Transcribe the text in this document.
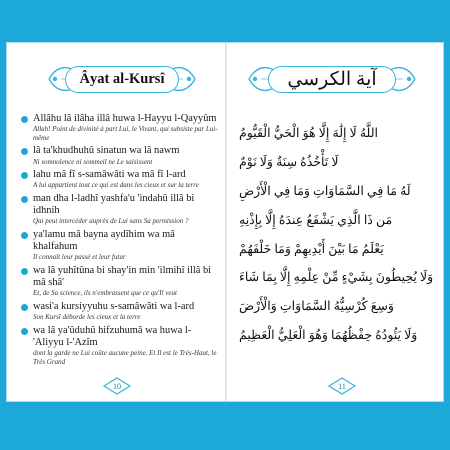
Âyat al-Kursî
Allâhu lâ ilâha illâ huwa l-Hayyu l-Qayyûm
Allah! Point de divinité à part Lui, le Vivant, qui subsiste par Lui-même
lâ ta'khudhuhû sinatun wa lâ nawm
Ni somnolence ni sommeil ne Le saisissent
lahu mâ fî s-samâwâti wa mâ fî l-ard
A lui appartient tout ce qui est dans les cieux et sur la terre
man dha l-ladhî yashfa'u 'indahû illâ bi idhnih
Qui peut intercéder auprès de Lui sans Sa permission ?
ya'lamu mâ bayna aydîhim wa mâ khalfahum
Il connaît leur passé et leur futur
wa lâ yuhîtûna bi shay'in min 'ilmihî illâ bi mâ shâ'
Et, de Sa science, ils n'embrassent que ce qu'Il veut
wasi'a kursiyyuhu s-samâwâti wa l-ard
Son Kursî déborde les cieux et la terre
wa lâ ya'ûduhû hifzuhumâ wa huwa l-'Aliyyu l-'Azîm
dont la garde ne Lui coûte aucune peine. Et Il est le Très-Haut, le Très Grand
10
آية الكرسي
اللَّهُ لَا إِلَٰهَ إِلَّا هُوَ الْحَيُّ الْقَيُّومُ
لَا تَأْخُذُهُ سِنَةٌ وَلَا نَوْمٌ
لَهُ مَا فِي السَّمَاوَاتِ وَمَا فِي الْأَرْضِ
مَن ذَا الَّذِي يَشْفَعُ عِندَهُ إِلَّا بِإِذْنِهِ
يَعْلَمُ مَا بَيْنَ أَيْدِيهِمْ وَمَا خَلْفَهُمْ
وَلَا يُحِيطُونَ بِشَيْءٍ مِّنْ عِلْمِهِ إِلَّا بِمَا شَاءَ
وَسِعَ كُرْسِيُّهُ السَّمَاوَاتِ وَالْأَرْضَ
وَلَا يَئُودُهُ حِفْظُهُمَا وَهُوَ الْعَلِيُّ الْعَظِيمُ
11
